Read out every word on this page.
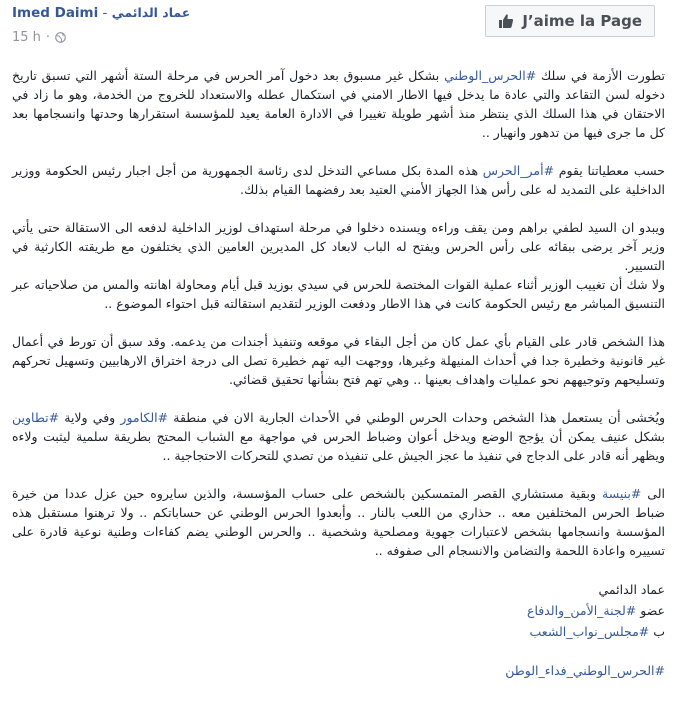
Imed Daimi - عماد الدائمي
15 h ·
J’aime la Page

تطورت الأزمة في سلك #الحرس_الوطني بشكل غير مسبوق بعد دخول آمر الحرس في مرحلة الستة أشهر التي تسبق تاريخ دخوله لسن التقاعد والتي عادة ما يدخل فيها الاطار الامني في استكمال عطله والاستعداد للخروج من الخدمة، وهو ما زاد في الاحتقان في هذا السلك الذي ينتظر منذ أشهر طويلة تغييرا في الادارة العامة يعيد للمؤسسة استقرارها وحدتها وانسجامها بعد كل ما جرى فيها من تدهور وانهيار ..

حسب معطياتنا يقوم #أمر_الحرس هذه المدة بكل مساعي التدخل لدى رئاسة الجمهورية من أجل اجبار رئيس الحكومة ووزير الداخلية على التمديد له على رأس هذا الجهاز الأمني العتيد بعد رفضهما القيام بذلك.

ويبدو ان السيد لطفي براهم ومن يقف وراءه ويسنده دخلوا في مرحلة استهداف لوزير الداخلية لدفعه الى الاستقالة حتى يأتي وزير آخر يرضى ببقائه على رأس الحرس ويفتح له الباب لابعاد كل المديرين العامين الذي يختلفون مع طريقته الكارثية في التسيير.
ولا شك أن تغييب الوزير أثناء عملية القوات المختصة للحرس في سيدي بوزيد قبل أيام ومحاولة اهانته والمس من صلاحياته عبر التنسيق المباشر مع رئيس الحكومة كانت في هذا الاطار ودفعت الوزير لتقديم استقالته قبل احتواء الموضوع ..

هذا الشخص قادر على القيام بأي عمل كان من أجل البقاء في موقعه وتنفيذ أجندات من يدعمه. وقد سبق أن تورط في أعمال غير قانونية وخطيرة جدا في أحداث المنيهلة وغيرها، ووجهت اليه تهم خطيرة تصل الى درجة اختراق الارهابيين وتسهيل تحركهم وتسليحهم وتوجيههم نحو عمليات واهداف بعينها .. وهي تهم فتح بشأنها تحقيق قضائي.

ويُخشى أن يستعمل هذا الشخص وحدات الحرس الوطني في الأحداث الجارية الان في منطقة #الكامور وفي ولاية #تطاوين بشكل عنيف يمكن أن يؤجج الوضع ويدخل أعوان وضباط الحرس في مواجهة مع الشباب المحتج بطريقة سلمية ليثبت ولاءه ويظهر أنه قادر على الدجاج في تنفيذ ما عجز الجيش على تنفيذه من تصدي للتحركات الاحتجاجية ..

الى #بنيسة وبقية مستشاري القصر المتمسكين بالشخص على حساب المؤسسة، والذين سايروه حين عزل عددا من خيرة ضباط الحرس المختلفين معه .. حذاري من اللعب بالنار .. وأبعدوا الحرس الوطني عن حساباتكم .. ولا ترهنوا مستقبل هذه المؤسسة وانسجامها بشخص لاعتبارات جهوية ومصلحية وشخصية .. والحرس الوطني يضم كفاءات وطنية نوعية قادرة على تسييره واعادة اللحمة والتضامن والانسجام الى صفوفه ..

عماد الدائمي
عضو #لجنة_الأمن_والدفاع
ب #مجلس_نواب_الشعب
#الحرس_الوطني_فداء_الوطن
